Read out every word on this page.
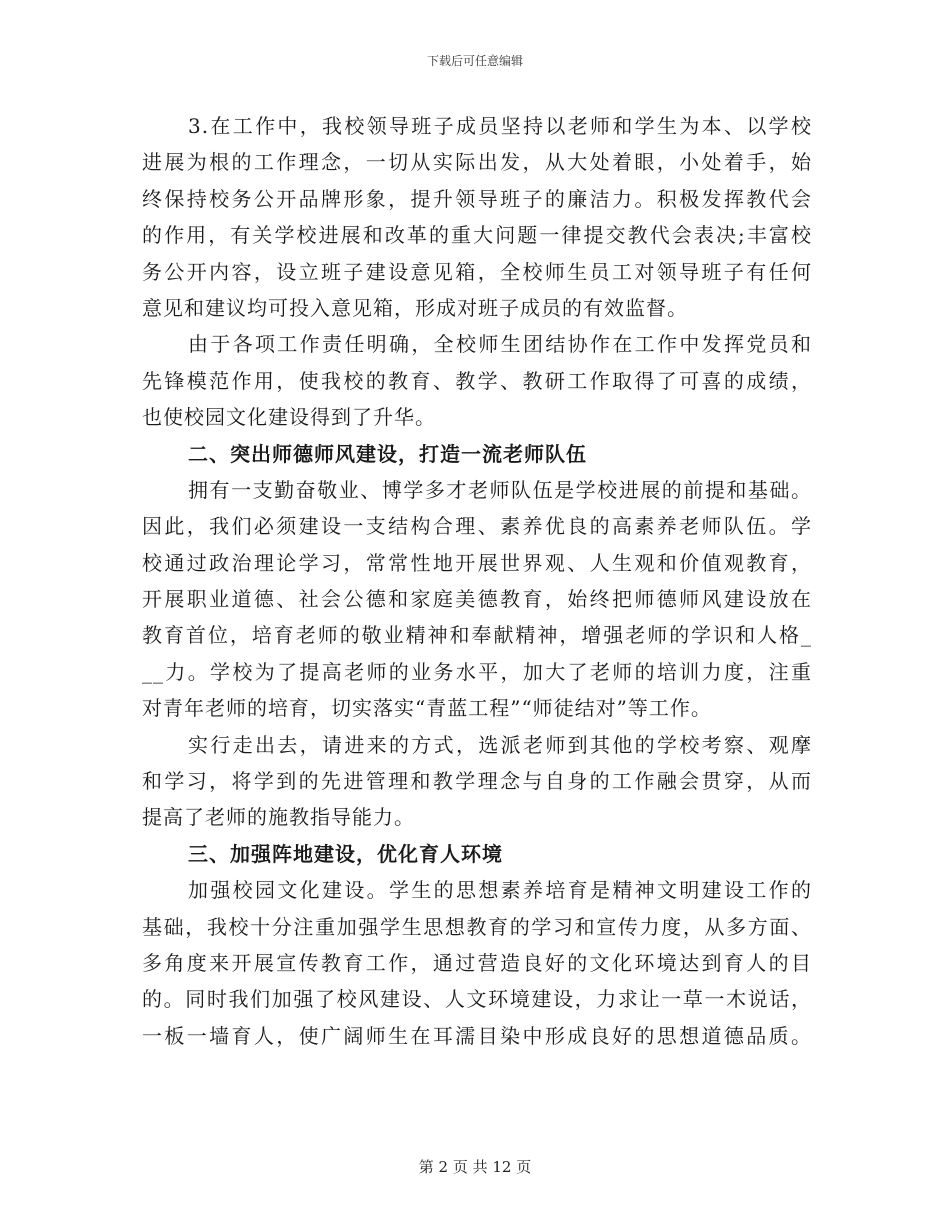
下载后可任意编辑
3.在工作中，我校领导班子成员坚持以老师和学生为本、以学校
进展为根的工作理念，一切从实际出发，从大处着眼，小处着手，始
终保持校务公开品牌形象，提升领导班子的廉洁力。积极发挥教代会
的作用，有关学校进展和改革的重大问题一律提交教代会表决;丰富校
务公开内容，设立班子建设意见箱，全校师生员工对领导班子有任何
意见和建议均可投入意见箱，形成对班子成员的有效监督。
由于各项工作责任明确，全校师生团结协作在工作中发挥党员和
先锋模范作用，使我校的教育、教学、教研工作取得了可喜的成绩，
也使校园文化建设得到了升华。
二、突出师德师风建设，打造一流老师队伍
拥有一支勤奋敬业、博学多才老师队伍是学校进展的前提和基础。
因此，我们必须建设一支结构合理、素养优良的高素养老师队伍。学
校通过政治理论学习，常常性地开展世界观、人生观和价值观教育，
开展职业道德、社会公德和家庭美德教育，始终把师德师风建设放在
教育首位，培育老师的敬业精神和奉献精神，增强老师的学识和人格_
__力。学校为了提高老师的业务水平，加大了老师的培训力度，注重
对青年老师的培育，切实落实“青蓝工程”“师徒结对”等工作。
实行走出去，请进来的方式，选派老师到其他的学校考察、观摩
和学习，将学到的先进管理和教学理念与自身的工作融会贯穿，从而
提高了老师的施教指导能力。
三、加强阵地建设，优化育人环境
加强校园文化建设。学生的思想素养培育是精神文明建设工作的
基础，我校十分注重加强学生思想教育的学习和宣传力度，从多方面、
多角度来开展宣传教育工作，通过营造良好的文化环境达到育人的目
的。同时我们加强了校风建设、人文环境建设，力求让一草一木说话，
一板一墙育人，使广阔师生在耳濡目染中形成良好的思想道德品质。
第 2 页 共 12 页
